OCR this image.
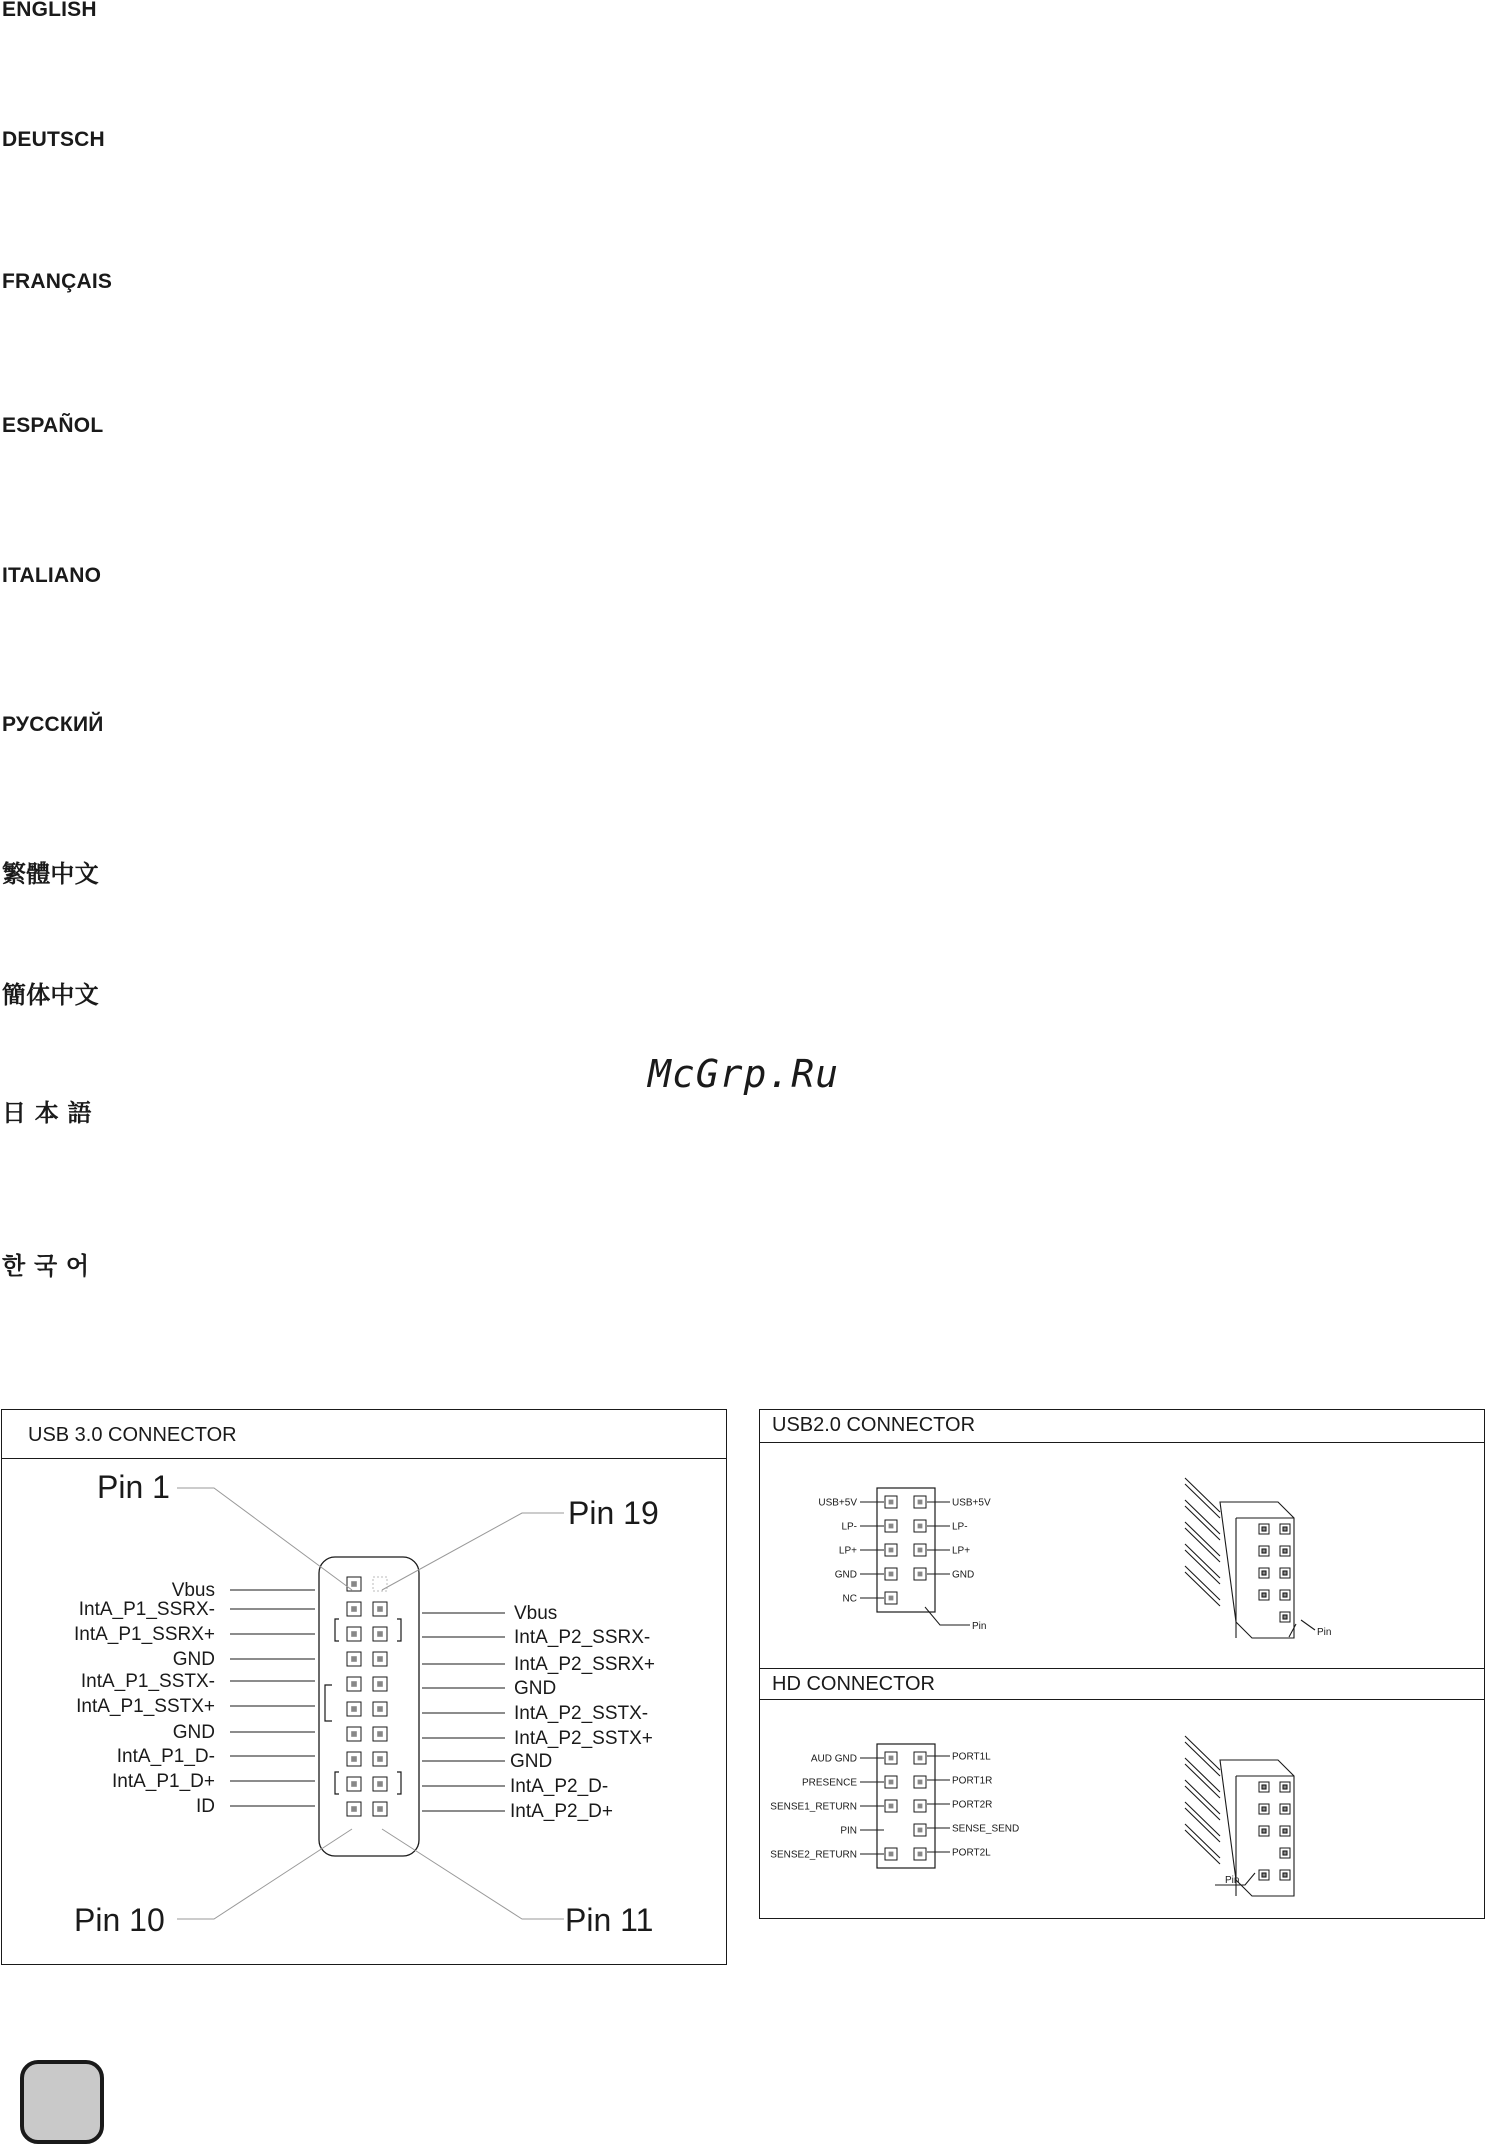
ENGLISH
DEUTSCH
FRANÇAIS
ESPAÑOL
ITALIANO
РУССКИЙ
繁體中文
簡体中文
日 本 語
한 국 어
McGrp.Ru
USB 3.0 CONNECTOR
Pin 1
Pin 19
Pin 10	Pin 11
Vbus
IntA_P1_SSRX-
IntA_P1_SSRX+
GND
IntA_P1_SSTX-
IntA_P1_SSTX+
GND
IntA_P1_D-
IntA_P1_D+
ID
Vbus
IntA_P2_SSRX-
IntA_P2_SSRX+
GND
IntA_P2_SSTX-
IntA_P2_SSTX+
GND
IntA_P2_D-
IntA_P2_D+
USB2.0 CONNECTOR
HD CONNECTOR
USB+5V
LP-
LP+
GND
NC
USB+5V
LP-
LP+
GND
Pin
Pin
AUD GND
PRESENCE
SENSE1_RETURN
PIN
SENSE2_RETURN
PORT1L
PORT1R
PORT2R
SENSE_SEND
PORT2L
Pin
